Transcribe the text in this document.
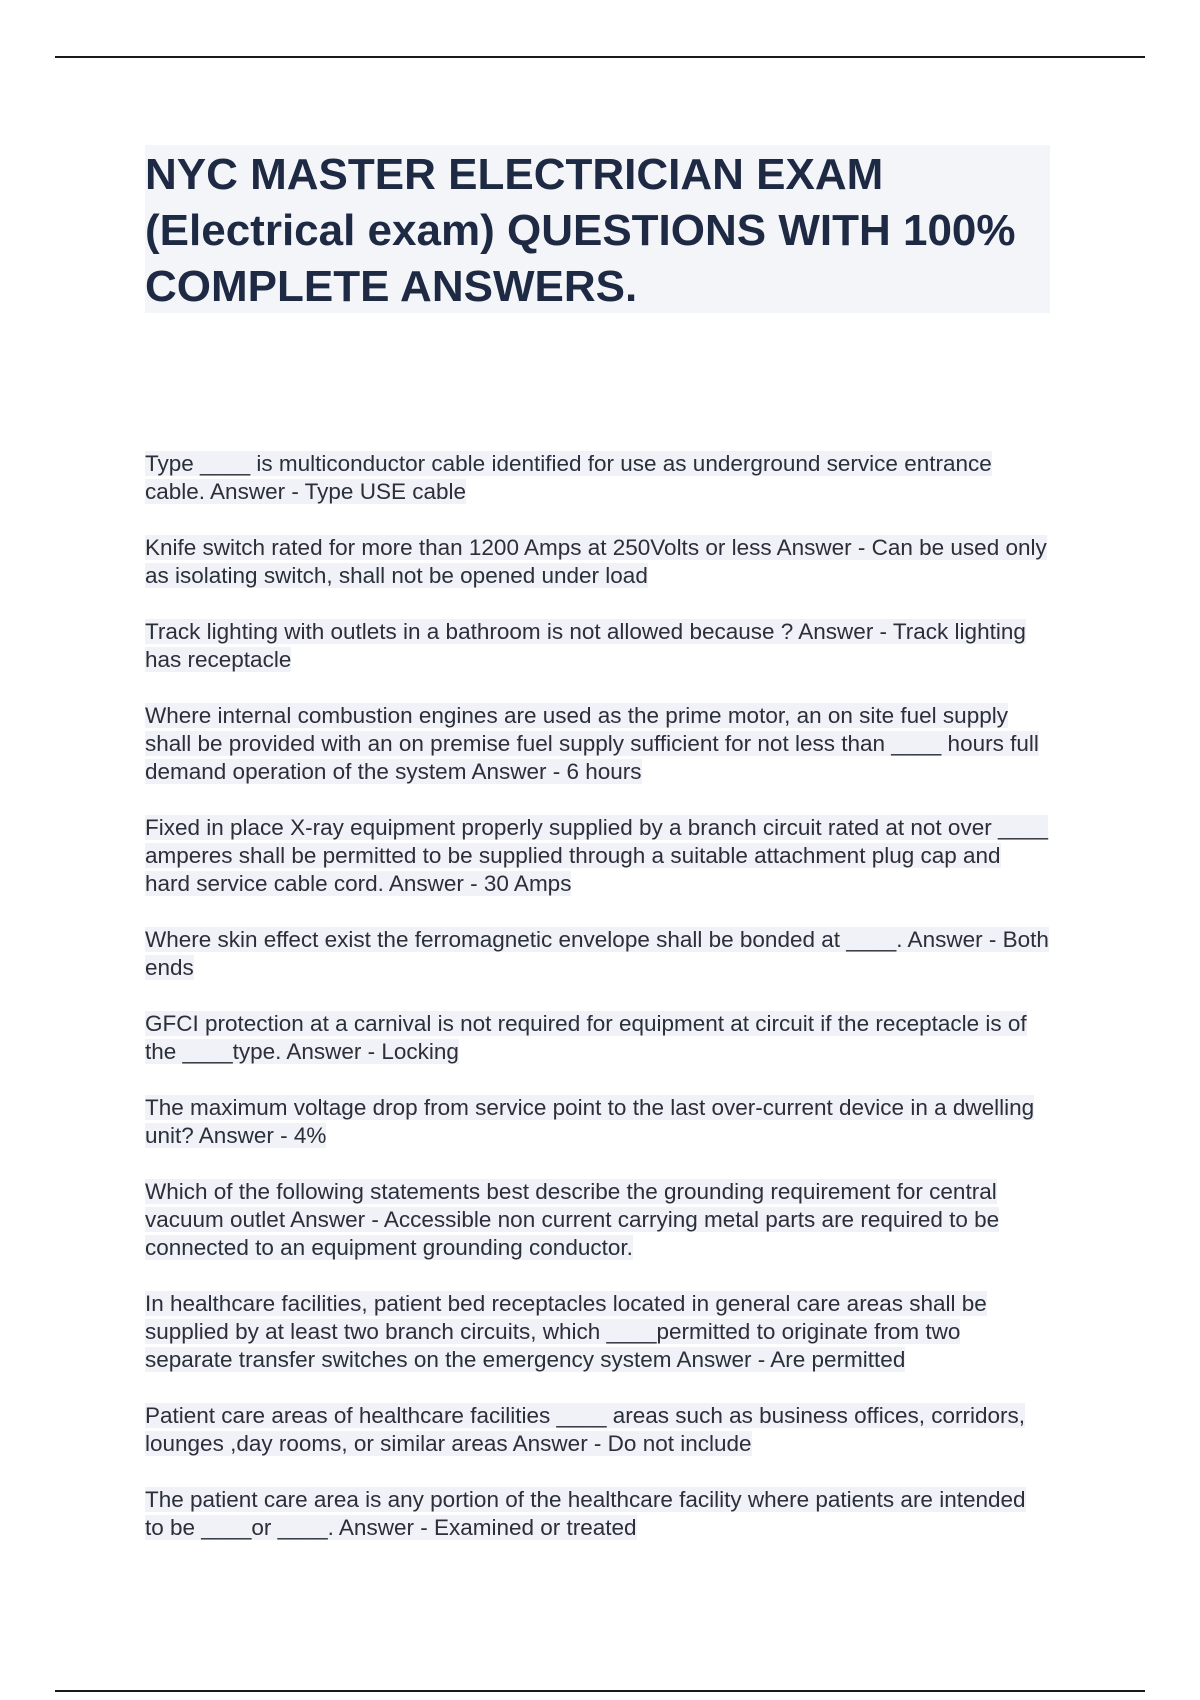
NYC MASTER ELECTRICIAN EXAM (Electrical exam) QUESTIONS WITH 100% COMPLETE ANSWERS.

Type ____ is multiconductor cable identified for use as underground service entrance cable. Answer - Type USE cable

Knife switch rated for more than 1200 Amps at 250Volts or less Answer - Can be used only as isolating switch, shall not be opened under load

Track lighting with outlets in a bathroom is not allowed because ? Answer - Track lighting has receptacle

Where internal combustion engines are used as the prime motor, an on site fuel supply shall be provided with an on premise fuel supply sufficient for not less than ____ hours full demand operation of the system Answer - 6 hours

Fixed in place X-ray equipment properly supplied by a branch circuit rated at not over ____ amperes shall be permitted to be supplied through a suitable attachment plug cap and hard service cable cord. Answer - 30 Amps

Where skin effect exist the ferromagnetic envelope shall be bonded at ____. Answer - Both ends

GFCI protection at a carnival is not required for equipment at circuit if the receptacle is of the ____type. Answer - Locking

The maximum voltage drop from service point to the last over-current device in a dwelling unit? Answer - 4%

Which of the following statements best describe the grounding requirement for central vacuum outlet Answer - Accessible non current carrying metal parts are required to be connected to an equipment grounding conductor.

In healthcare facilities, patient bed receptacles located in general care areas shall be supplied by at least two branch circuits, which ____permitted to originate from two separate transfer switches on the emergency system Answer - Are permitted

Patient care areas of healthcare facilities ____ areas such as business offices, corridors, lounges ,day rooms, or similar areas Answer - Do not include

The patient care area is any portion of the healthcare facility where patients are intended to be ____or ____. Answer - Examined or treated
